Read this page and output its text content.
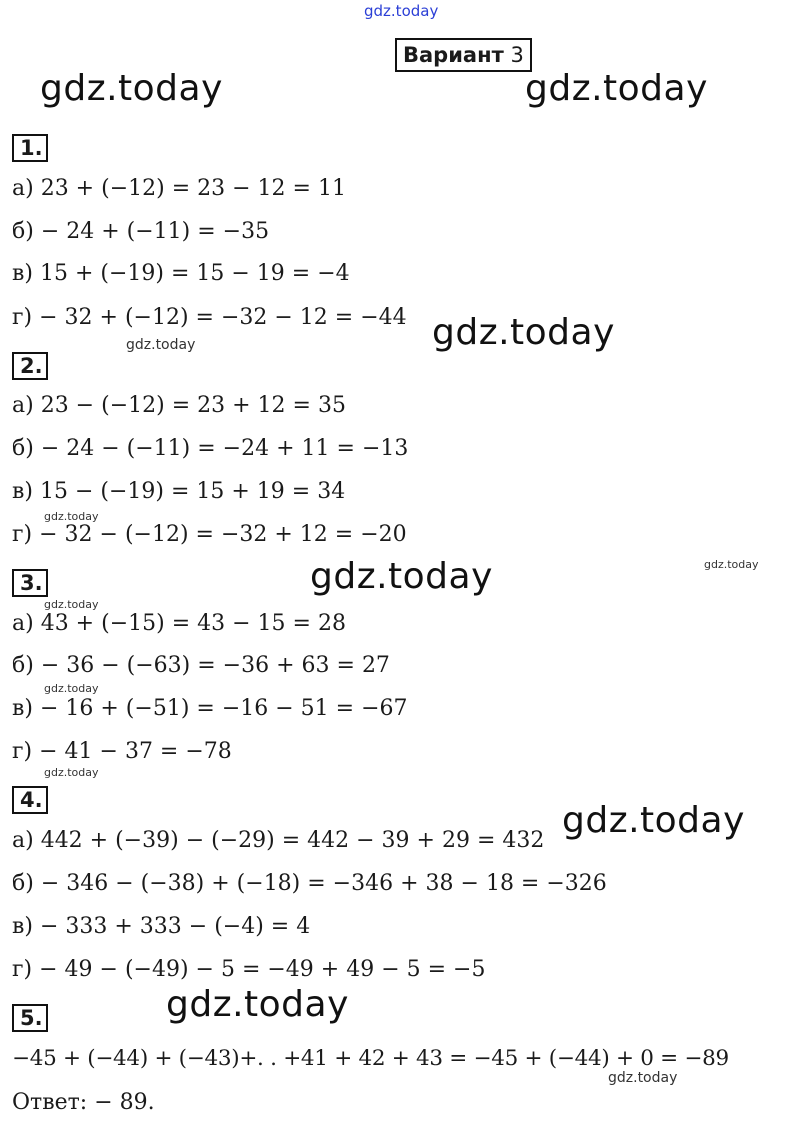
gdz.today
gdz.today	gdz.today
gdz.today
gdz.today
gdz.today
gdz.today	gdz.today
gdz.today
gdz.today
gdz.today
gdz.today
gdz.today
gdz.today
Вариант 3
1.
а) 23 + (−12) = 23 − 12 = 11
б) − 24 + (−11) = −35
в) 15 + (−19) = 15 − 19 = −4
г) − 32 + (−12) = −32 − 12 = −44
2.
а) 23 − (−12) = 23 + 12 = 35
б) − 24 − (−11) = −24 + 11 = −13
в) 15 − (−19) = 15 + 19 = 34
г) − 32 − (−12) = −32 + 12 = −20
3.
а) 43 + (−15) = 43 − 15 = 28
б) − 36 − (−63) = −36 + 63 = 27
в) − 16 + (−51) = −16 − 51 = −67
г) − 41 − 37 = −78
4.
а) 442 + (−39) − (−29) = 442 − 39 + 29 = 432
б) − 346 − (−38) + (−18) = −346 + 38 − 18 = −326
в) − 333 + 333 − (−4) = 4
г) − 49 − (−49) − 5 = −49 + 49 − 5 = −5
5.
−45 + (−44) + (−43)+. . +41 + 42 + 43 = −45 + (−44) + 0 = −89
Ответ: − 89.
